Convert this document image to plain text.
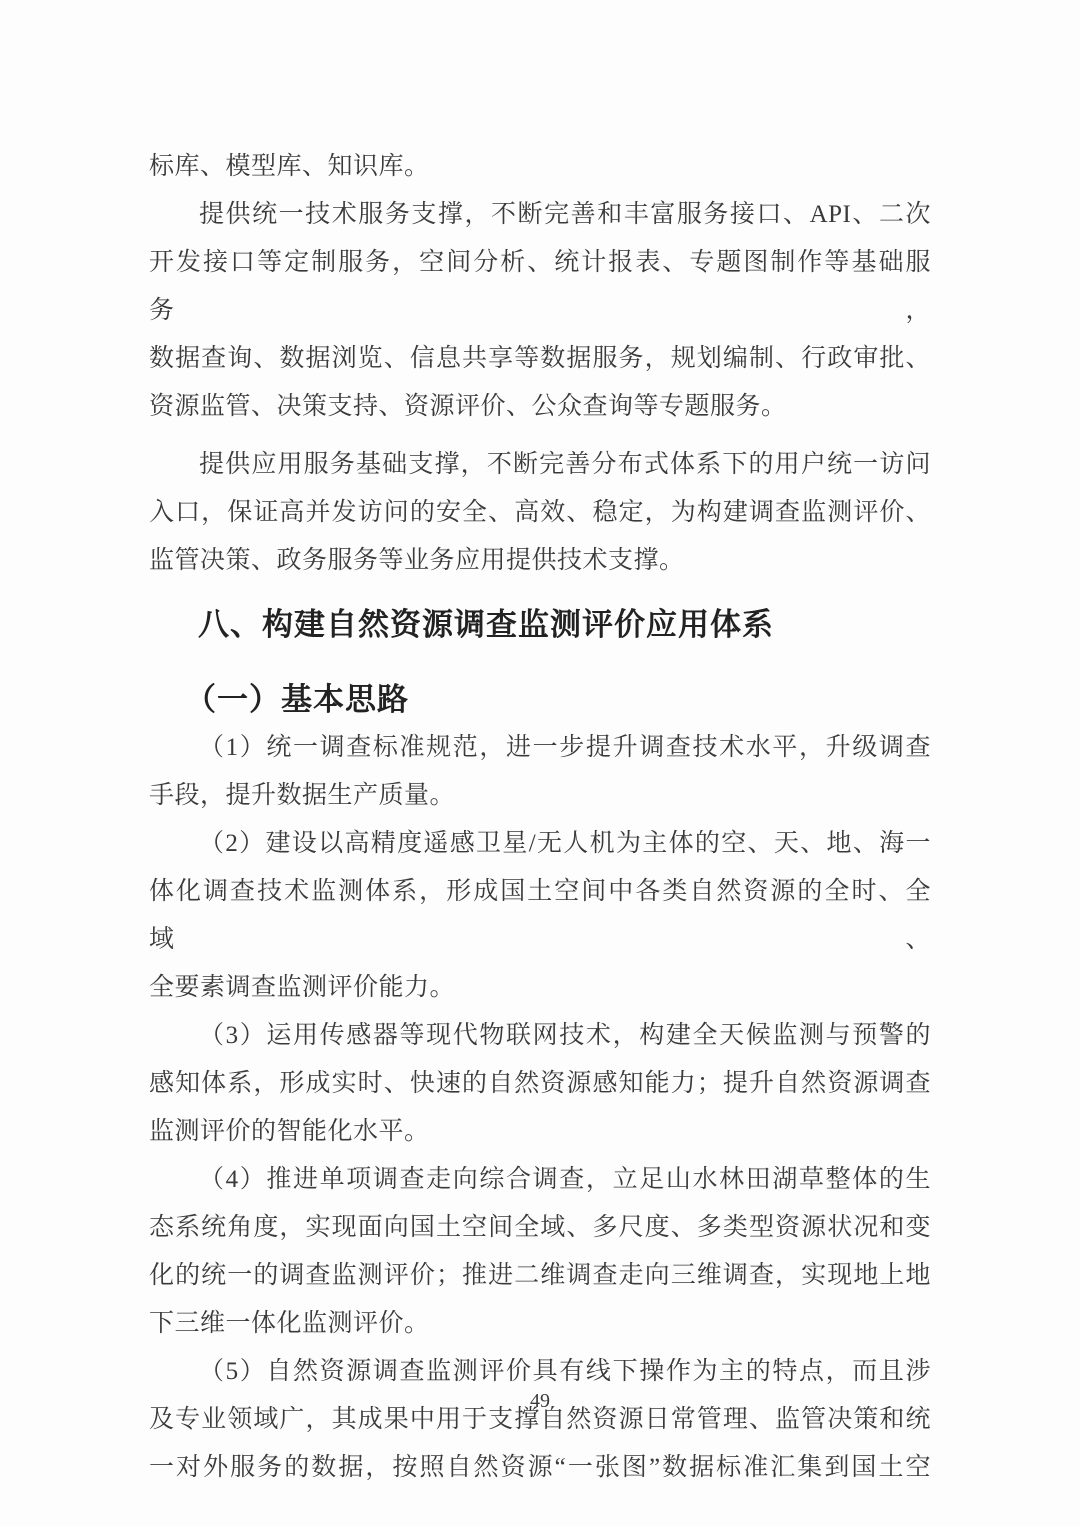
标库、模型库、知识库。
提供统一技术服务支撑，不断完善和丰富服务接口、API、二次
开发接口等定制服务，空间分析、统计报表、专题图制作等基础服务，
数据查询、数据浏览、信息共享等数据服务，规划编制、行政审批、
资源监管、决策支持、资源评价、公众查询等专题服务。
提供应用服务基础支撑，不断完善分布式体系下的用户统一访问
入口，保证高并发访问的安全、高效、稳定，为构建调查监测评价、
监管决策、政务服务等业务应用提供技术支撑。
八、构建自然资源调查监测评价应用体系
（一）基本思路
（1）统一调查标准规范，进一步提升调查技术水平，升级调查
手段，提升数据生产质量。
（2）建设以高精度遥感卫星/无人机为主体的空、天、地、海一
体化调查技术监测体系，形成国土空间中各类自然资源的全时、全域、
全要素调查监测评价能力。
（3）运用传感器等现代物联网技术，构建全天候监测与预警的
感知体系，形成实时、快速的自然资源感知能力；提升自然资源调查
监测评价的智能化水平。
（4）推进单项调查走向综合调查，立足山水林田湖草整体的生
态系统角度，实现面向国土空间全域、多尺度、多类型资源状况和变
化的统一的调查监测评价；推进二维调查走向三维调查，实现地上地
下三维一体化监测评价。
（5）自然资源调查监测评价具有线下操作为主的特点，而且涉
及专业领域广，其成果中用于支撑自然资源日常管理、监管决策和统
一对外服务的数据，按照自然资源“一张图”数据标准汇集到国土空
49
